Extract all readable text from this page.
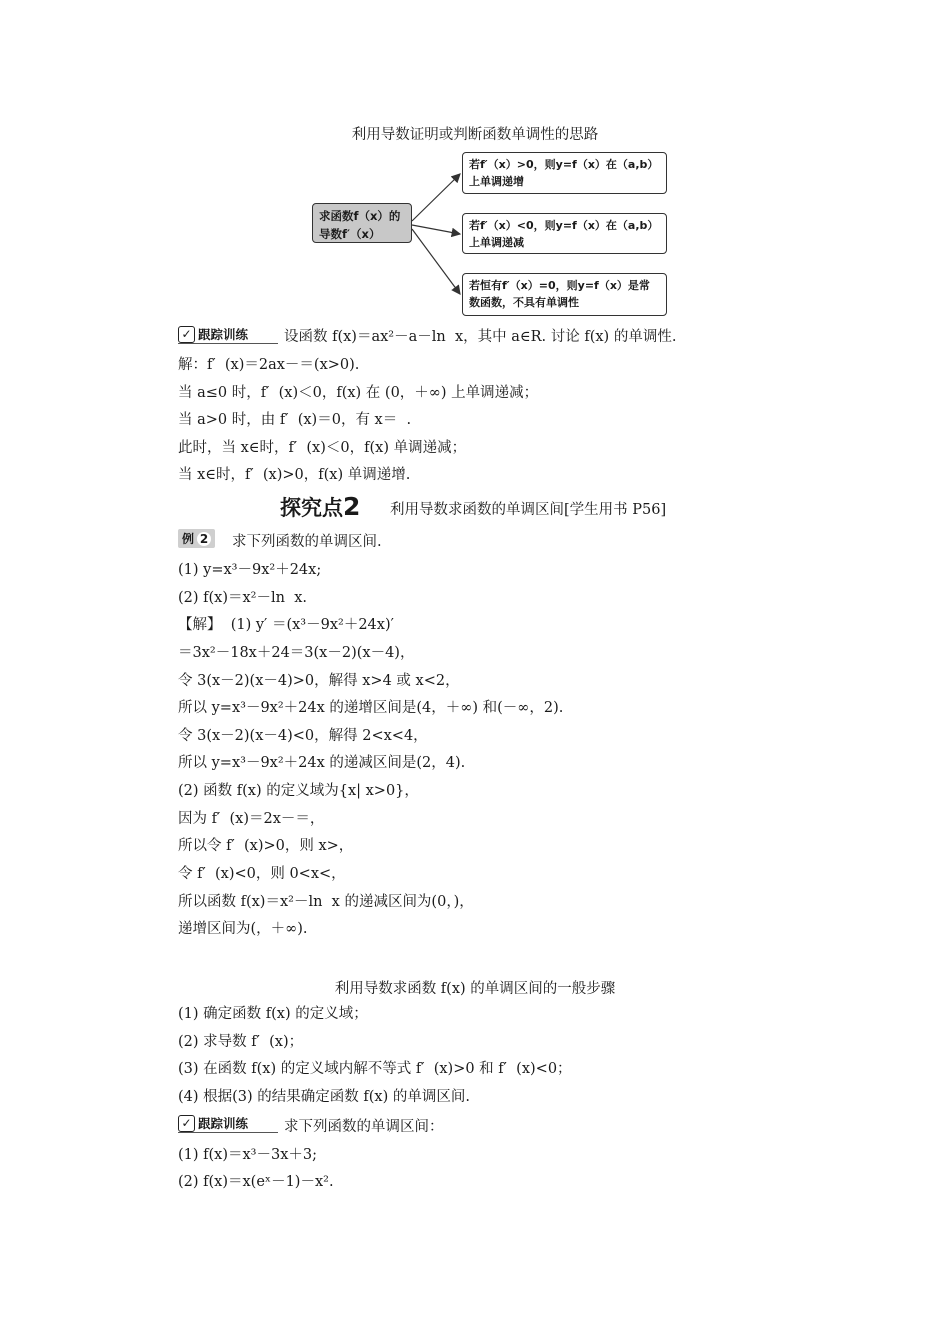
利用导数证明或判断函数单调性的思路
求函数f（x）的
导数f′（x）
若f′（x）>0，则y=f（x）在（a,b）
上单调递增
若f′（x）<0，则y=f（x）在（a,b）
上单调递减
若恒有f′（x）=0，则y=f（x）是常
数函数，不具有单调性
✓ 跟踪训练 设函数 f(x)＝ax²－a－ln  x，其中 a∈R. 讨论 f(x) 的单调性.
解：f′  (x)＝2ax－＝(x>0).
当 a≤0 时，f′  (x)＜0，f(x) 在 (0，＋∞) 上单调递减；
当 a>0 时，由 f′  (x)＝0，有 x＝  .
此时，当 x∈时，f′  (x)＜0，f(x) 单调递减；
当 x∈时，f′  (x)>0，f(x) 单调递增.
探究点2 利用导数求函数的单调区间[学生用书 P56]
例 2	求下列函数的单调区间.
(1) y=x³－9x²＋24x;
(2) f(x)＝x²－ln  x.
【解】  (1) y′ ＝(x³－9x²＋24x)′
＝3x²－18x＋24＝3(x－2)(x－4)，
令 3(x－2)(x－4)>0，解得 x>4 或 x<2，
所以 y=x³－9x²＋24x 的递增区间是(4，＋∞) 和(－∞，2).
令 3(x－2)(x－4)<0，解得 2<x<4，
所以 y=x³－9x²＋24x 的递减区间是(2，4).
(2) 函数 f(x) 的定义域为{x| x>0}，
因为 f′  (x)＝2x－＝，
所以令 f′  (x)>0，则 x>，
令 f′  (x)<0，则 0<x<，
所以函数 f(x)＝x²－ln  x 的递减区间为(0，)，
递增区间为(，＋∞).
利用导数求函数 f(x) 的单调区间的一般步骤
(1) 确定函数 f(x) 的定义域；
(2) 求导数 f′  (x)；
(3) 在函数 f(x) 的定义域内解不等式 f′  (x)>0 和 f′  (x)<0；
(4) 根据(3) 的结果确定函数 f(x) 的单调区间.
✓ 跟踪训练 求下列函数的单调区间：
(1) f(x)＝x³－3x＋3;
(2) f(x)＝x(eˣ－1)－x².
